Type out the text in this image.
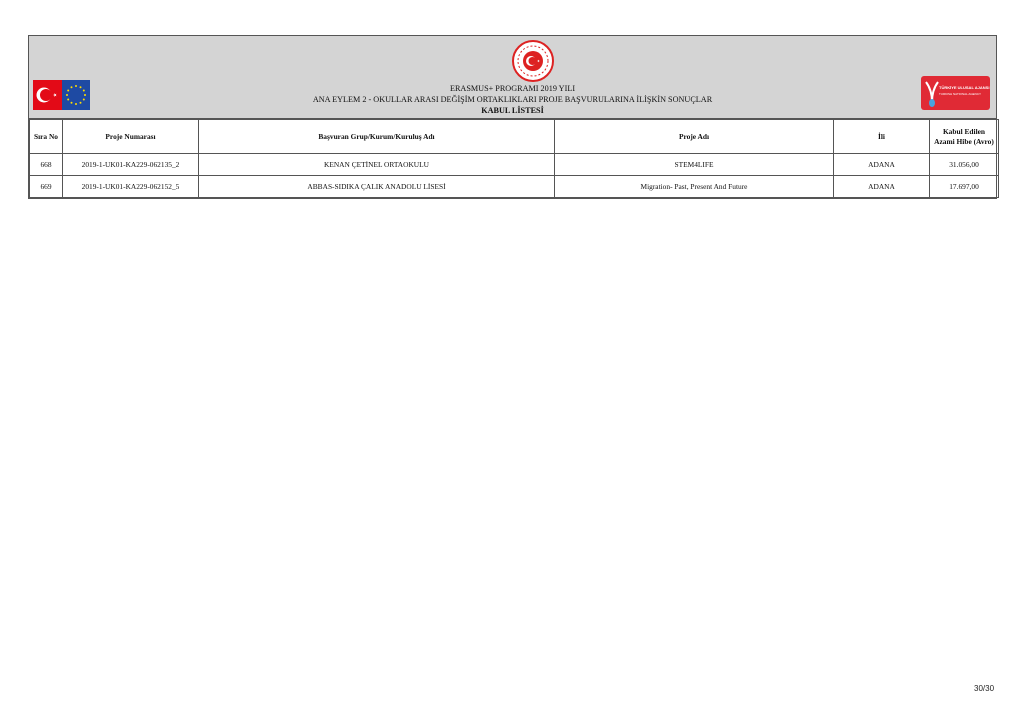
ERASMUS+ PROGRAMI 2019 YILI
ANA EYLEM 2 - OKULLAR ARASI DEĞİŞİM ORTAKLIKLARI PROJE BAŞVURULARINA İLİŞKİN SONUÇLAR
KABUL LİSTESİ
TÜRKİYE ULUSAL AJANSI
TURKISH NATIONAL AGENCY
Sıra No	Proje Numarası	Başvuran Grup/Kurum/Kuruluş Adı	Proje Adı	İli	Kabul Edilen Azami Hibe (Avro)
668	2019-1-UK01-KA229-062135_2	KENAN ÇETİNEL ORTAOKULU	STEM4LIFE	ADANA	31.056,00
669	2019-1-UK01-KA229-062152_5	ABBAS-SIDIKA ÇALIK ANADOLU LİSESİ	Migration- Past, Present And Future	ADANA	17.697,00
30/30
